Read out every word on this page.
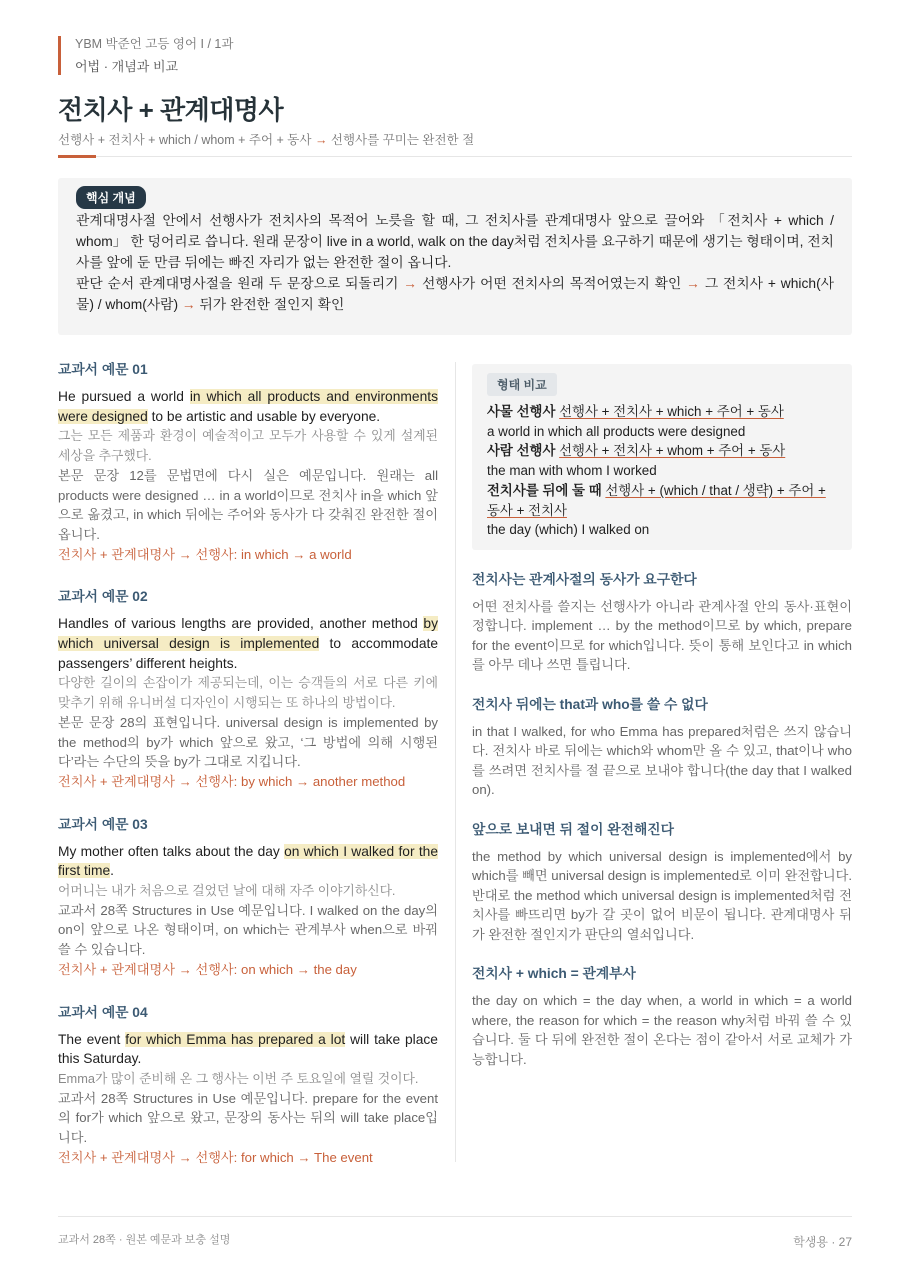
YBM 박준언 고등 영어 I / 1과
어법 · 개념과 비교
전치사 + 관계대명사
선행사 + 전치사 + which / whom + 주어 + 동사 → 선행사를 꾸미는 완전한 절
핵심 개념

관계대명사절 안에서 선행사가 전치사의 목적어 노릇을 할 때, 그 전치사를 관계대명사 앞으로 끌어와 「전치사 + which / whom」 한 덩어리로 씁니다. 원래 문장이 live in a world, walk on the day처럼 전치사를 요구하기 때문에 생기는 형태이며, 전치사를 앞에 둔 만큼 뒤에는 빠진 자리가 없는 완전한 절이 옵니다.

판단 순서 관계대명사절을 원래 두 문장으로 되돌리기 → 선행사가 어떤 전치사의 목적어였는지 확인 → 그 전치사 + which(사물) / whom(사람) → 뒤가 완전한 절인지 확인

교과서 예문 01

He pursued a world in which all products and environments were designed to be artistic and usable by everyone.

그는 모든 제품과 환경이 예술적이고 모두가 사용할 수 있게 설계된 세상을 추구했다.

본문 문장 12를 문법면에 다시 실은 예문입니다. 원래는 all products were designed … in a world이므로 전치사 in을 which 앞으로 옮겼고, in which 뒤에는 주어와 동사가 다 갖춰진 완전한 절이 옵니다.

전치사 + 관계대명사 → 선행사: in which → a world

교과서 예문 02

Handles of various lengths are provided, another method by which universal design is implemented to accommodate passengers’ different heights.

다양한 길이의 손잡이가 제공되는데, 이는 승객들의 서로 다른 키에 맞추기 위해 유니버설 디자인이 시행되는 또 하나의 방법이다.

본문 문장 28의 표현입니다. universal design is implemented by the method의 by가 which 앞으로 왔고, ‘그 방법에 의해 시행된다’라는 수단의 뜻을 by가 그대로 지킵니다.

전치사 + 관계대명사 → 선행사: by which → another method

교과서 예문 03

My mother often talks about the day on which I walked for the first time.

어머니는 내가 처음으로 걸었던 날에 대해 자주 이야기하신다.

교과서 28쪽 Structures in Use 예문입니다. I walked on the day의 on이 앞으로 나온 형태이며, on which는 관계부사 when으로 바꿔 쓸 수 있습니다.

전치사 + 관계대명사 → 선행사: on which → the day

교과서 예문 04

The event for which Emma has prepared a lot will take place this Saturday.

Emma가 많이 준비해 온 그 행사는 이번 주 토요일에 열릴 것이다.

교과서 28쪽 Structures in Use 예문입니다. prepare for the event의 for가 which 앞으로 왔고, 문장의 동사는 뒤의 will take place입니다.

전치사 + 관계대명사 → 선행사: for which → The event

형태 비교

사물 선행사 선행사 + 전치사 + which + 주어 + 동사

a world in which all products were designed

사람 선행사 선행사 + 전치사 + whom + 주어 + 동사

the man with whom I worked

전치사를 뒤에 둘 때 선행사 + (which / that / 생략) + 주어 + 동사 + 전치사

the day (which) I walked on

전치사는 관계사절의 동사가 요구한다

어떤 전치사를 쓸지는 선행사가 아니라 관계사절 안의 동사·표현이 정합니다. implement … by the method이므로 by which, prepare for the event이므로 for which입니다. 뜻이 통해 보인다고 in which를 아무 데나 쓰면 틀립니다.

전치사 뒤에는 that과 who를 쓸 수 없다

in that I walked, for who Emma has prepared처럼은 쓰지 않습니다. 전치사 바로 뒤에는 which와 whom만 올 수 있고, that이나 who를 쓰려면 전치사를 절 끝으로 보내야 합니다(the day that I walked on).

앞으로 보내면 뒤 절이 완전해진다

the method by which universal design is implemented에서 by which를 빼면 universal design is implemented로 이미 완전합니다. 반대로 the method which universal design is implemented처럼 전치사를 빠뜨리면 by가 갈 곳이 없어 비문이 됩니다. 관계대명사 뒤가 완전한 절인지가 판단의 열쇠입니다.

전치사 + which = 관계부사

the day on which = the day when, a world in which = a world where, the reason for which = the reason why처럼 바꿔 쓸 수 있습니다. 둘 다 뒤에 완전한 절이 온다는 점이 같아서 서로 교체가 가능합니다.

교과서 28쪽 · 원본 예문과 보충 설명	학생용 · 27
